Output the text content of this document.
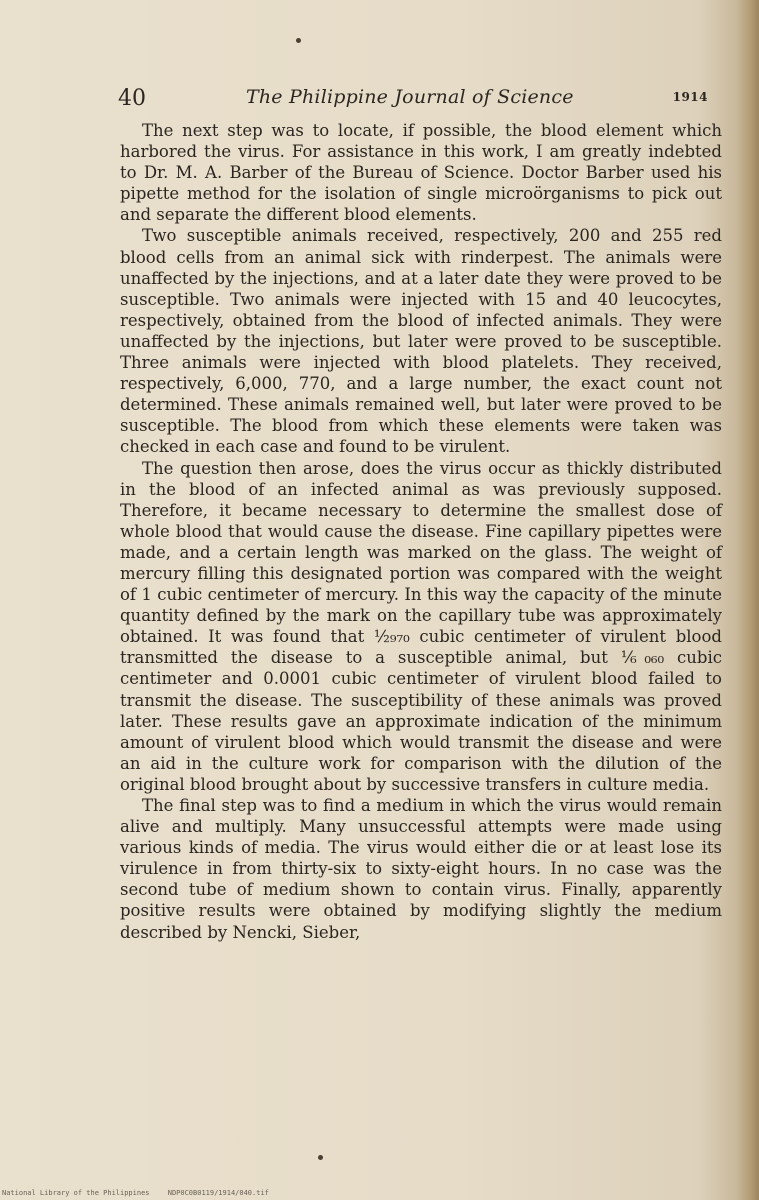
40	The Philippine Journal of Science	1914

The next step was to locate, if possible, the blood element which harbored the virus. For assistance in this work, I am greatly indebted to Dr. M. A. Barber of the Bureau of Science. Doctor Barber used his pipette method for the isolation of single microörganisms to pick out and separate the different blood elements.

Two susceptible animals received, respectively, 200 and 255 red blood cells from an animal sick with rinderpest. The animals were unaffected by the injections, and at a later date they were proved to be susceptible. Two animals were injected with 15 and 40 leucocytes, respectively, obtained from the blood of infected animals. They were unaffected by the injections, but later were proved to be susceptible. Three animals were injected with blood platelets. They received, respectively, 6,000, 770, and a large number, the exact count not determined. These animals remained well, but later were proved to be susceptible. The blood from which these elements were taken was checked in each case and found to be virulent.

The question then arose, does the virus occur as thickly distributed in the blood of an infected animal as was previously supposed. Therefore, it became necessary to determine the smallest dose of whole blood that would cause the disease. Fine capillary pipettes were made, and a certain length was marked on the glass. The weight of mercury filling this designated portion was compared with the weight of 1 cubic centimeter of mercury. In this way the capacity of the minute quantity defined by the mark on the capillary tube was approximately obtained. It was found that ½₉₇₀ cubic centimeter of virulent blood transmitted the disease to a susceptible animal, but ⅙₀₆₀ cubic centimeter and 0.0001 cubic centimeter of virulent blood failed to transmit the disease. The susceptibility of these animals was proved later. These results gave an approximate indication of the minimum amount of virulent blood which would transmit the disease and were an aid in the culture work for comparison with the dilution of the original blood brought about by successive transfers in culture media.

The final step was to find a medium in which the virus would remain alive and multiply. Many unsuccessful attempts were made using various kinds of media. The virus would either die or at least lose its virulence in from thirty-six to sixty-eight hours. In no case was the second tube of medium shown to contain virus. Finally, apparently positive results were obtained by modifying slightly the medium described by Nencki, Sieber,

National Library of the Philippines	NDP0C0B0119/1914/040.tif
